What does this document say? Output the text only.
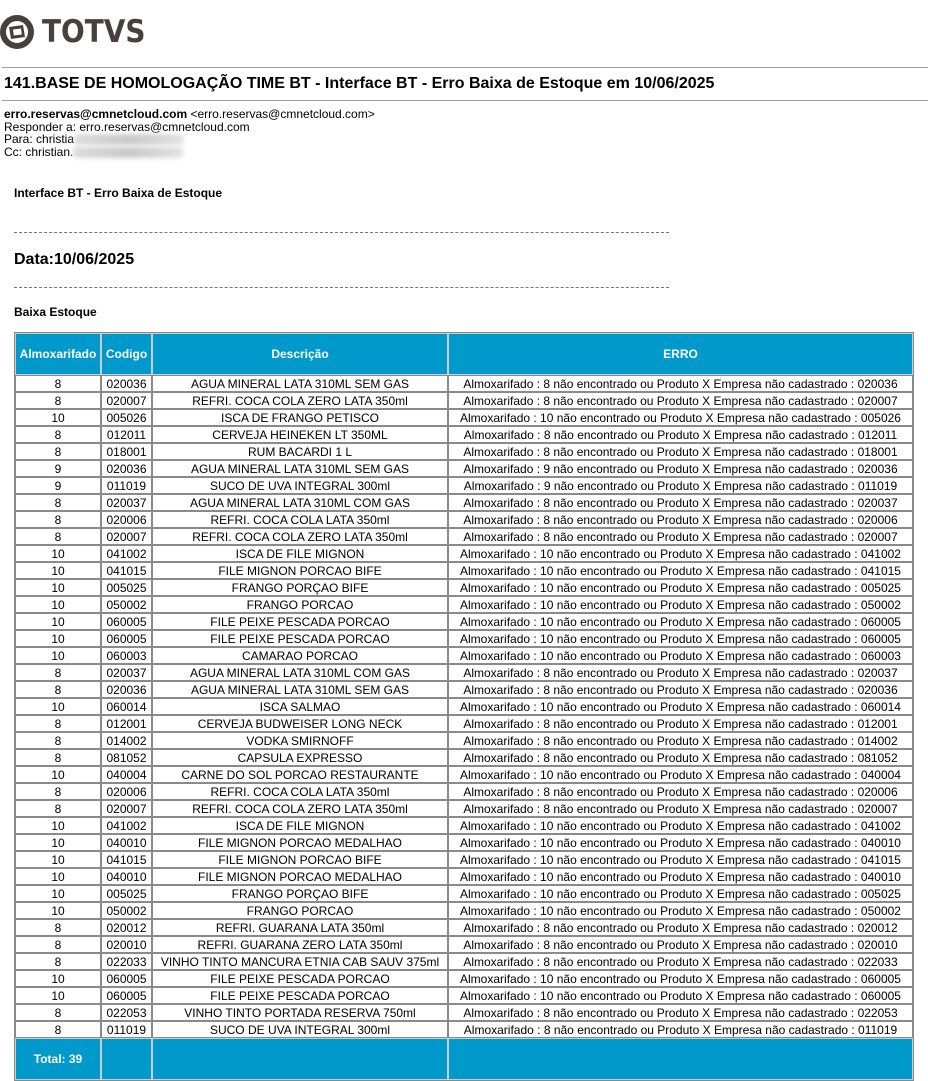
TOTVS
141.BASE DE HOMOLOGAÇÃO TIME BT - Interface BT - Erro Baixa de Estoque em 10/06/2025
erro.reservas@cmnetcloud.com <erro.reservas@cmnetcloud.com>
Responder a: erro.reservas@cmnetcloud.com
Para: christia
Cc: christian.
Interface BT - Erro Baixa de Estoque
Data:10/06/2025
Baixa Estoque
Almoxarifado	Codigo	Descrição	ERRO
8	020036	AGUA MINERAL LATA 310ML SEM GAS	Almoxarifado : 8 não encontrado ou Produto X Empresa não cadastrado : 020036
8	020007	REFRI. COCA COLA ZERO LATA 350ml	Almoxarifado : 8 não encontrado ou Produto X Empresa não cadastrado : 020007
10	005026	ISCA DE FRANGO PETISCO	Almoxarifado : 10 não encontrado ou Produto X Empresa não cadastrado : 005026
8	012011	CERVEJA HEINEKEN LT 350ML	Almoxarifado : 8 não encontrado ou Produto X Empresa não cadastrado : 012011
8	018001	RUM BACARDI 1 L	Almoxarifado : 8 não encontrado ou Produto X Empresa não cadastrado : 018001
9	020036	AGUA MINERAL LATA 310ML SEM GAS	Almoxarifado : 9 não encontrado ou Produto X Empresa não cadastrado : 020036
9	011019	SUCO DE UVA INTEGRAL 300ml	Almoxarifado : 9 não encontrado ou Produto X Empresa não cadastrado : 011019
8	020037	AGUA MINERAL LATA 310ML COM GAS	Almoxarifado : 8 não encontrado ou Produto X Empresa não cadastrado : 020037
8	020006	REFRI. COCA COLA LATA 350ml	Almoxarifado : 8 não encontrado ou Produto X Empresa não cadastrado : 020006
8	020007	REFRI. COCA COLA ZERO LATA 350ml	Almoxarifado : 8 não encontrado ou Produto X Empresa não cadastrado : 020007
10	041002	ISCA DE FILE MIGNON	Almoxarifado : 10 não encontrado ou Produto X Empresa não cadastrado : 041002
10	041015	FILE MIGNON PORCAO BIFE	Almoxarifado : 10 não encontrado ou Produto X Empresa não cadastrado : 041015
10	005025	FRANGO PORÇAO BIFE	Almoxarifado : 10 não encontrado ou Produto X Empresa não cadastrado : 005025
10	050002	FRANGO PORCAO	Almoxarifado : 10 não encontrado ou Produto X Empresa não cadastrado : 050002
10	060005	FILE PEIXE PESCADA PORCAO	Almoxarifado : 10 não encontrado ou Produto X Empresa não cadastrado : 060005
10	060005	FILE PEIXE PESCADA PORCAO	Almoxarifado : 10 não encontrado ou Produto X Empresa não cadastrado : 060005
10	060003	CAMARAO PORCAO	Almoxarifado : 10 não encontrado ou Produto X Empresa não cadastrado : 060003
8	020037	AGUA MINERAL LATA 310ML COM GAS	Almoxarifado : 8 não encontrado ou Produto X Empresa não cadastrado : 020037
8	020036	AGUA MINERAL LATA 310ML SEM GAS	Almoxarifado : 8 não encontrado ou Produto X Empresa não cadastrado : 020036
10	060014	ISCA SALMAO	Almoxarifado : 10 não encontrado ou Produto X Empresa não cadastrado : 060014
8	012001	CERVEJA BUDWEISER LONG NECK	Almoxarifado : 8 não encontrado ou Produto X Empresa não cadastrado : 012001
8	014002	VODKA SMIRNOFF	Almoxarifado : 8 não encontrado ou Produto X Empresa não cadastrado : 014002
8	081052	CAPSULA EXPRESSO	Almoxarifado : 8 não encontrado ou Produto X Empresa não cadastrado : 081052
10	040004	CARNE DO SOL PORCAO RESTAURANTE	Almoxarifado : 10 não encontrado ou Produto X Empresa não cadastrado : 040004
8	020006	REFRI. COCA COLA LATA 350ml	Almoxarifado : 8 não encontrado ou Produto X Empresa não cadastrado : 020006
8	020007	REFRI. COCA COLA ZERO LATA 350ml	Almoxarifado : 8 não encontrado ou Produto X Empresa não cadastrado : 020007
10	041002	ISCA DE FILE MIGNON	Almoxarifado : 10 não encontrado ou Produto X Empresa não cadastrado : 041002
10	040010	FILE MIGNON PORCAO MEDALHAO	Almoxarifado : 10 não encontrado ou Produto X Empresa não cadastrado : 040010
10	041015	FILE MIGNON PORCAO BIFE	Almoxarifado : 10 não encontrado ou Produto X Empresa não cadastrado : 041015
10	040010	FILE MIGNON PORCAO MEDALHAO	Almoxarifado : 10 não encontrado ou Produto X Empresa não cadastrado : 040010
10	005025	FRANGO PORÇAO BIFE	Almoxarifado : 10 não encontrado ou Produto X Empresa não cadastrado : 005025
10	050002	FRANGO PORCAO	Almoxarifado : 10 não encontrado ou Produto X Empresa não cadastrado : 050002
8	020012	REFRI. GUARANA LATA 350ml	Almoxarifado : 8 não encontrado ou Produto X Empresa não cadastrado : 020012
8	020010	REFRI. GUARANA ZERO LATA 350ml	Almoxarifado : 8 não encontrado ou Produto X Empresa não cadastrado : 020010
8	022033	VINHO TINTO MANCURA ETNIA CAB SAUV 375ml	Almoxarifado : 8 não encontrado ou Produto X Empresa não cadastrado : 022033
10	060005	FILE PEIXE PESCADA PORCAO	Almoxarifado : 10 não encontrado ou Produto X Empresa não cadastrado : 060005
10	060005	FILE PEIXE PESCADA PORCAO	Almoxarifado : 10 não encontrado ou Produto X Empresa não cadastrado : 060005
8	022053	VINHO TINTO PORTADA RESERVA 750ml	Almoxarifado : 8 não encontrado ou Produto X Empresa não cadastrado : 022053
8	011019	SUCO DE UVA INTEGRAL 300ml	Almoxarifado : 8 não encontrado ou Produto X Empresa não cadastrado : 011019
Total: 39			
